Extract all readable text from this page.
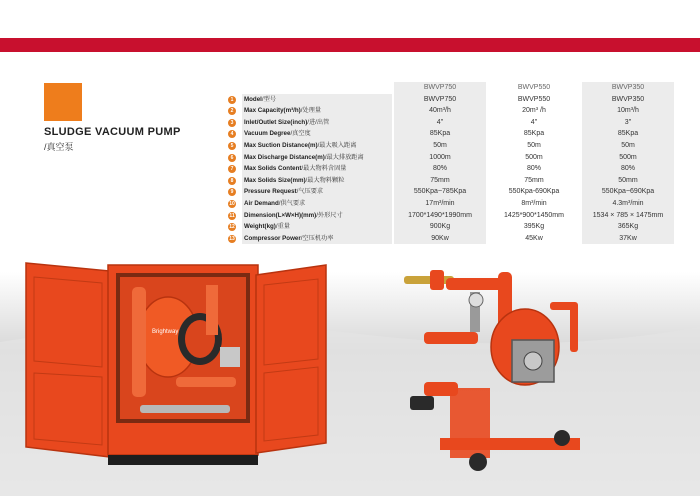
SLUDGE VACUUM PUMP
/真空泵
BWVP750	BWVP550	BWVP350
1	Model/型号	BWVP750	BWVP550	BWVP350
2	Max Capacity(m³/h)/处理量	40m³/h	20m³ /h	10m³/h
3	Inlet/Outlet Size(inch)/进/出管	4"	4"	3"
4	Vacuum Degree/真空度	85Kpa	85Kpa	85Kpa
5	Max Suction Distance(m)/最大吸入距离	50m	50m	50m
6	Max Discharge Distance(m)/最大排放距离	1000m	500m	500m
7	Max Solids Content/最大物料含固量	80%	80%	80%
8	Max Solids Size(mm)/最大物料颗粒	75mm	75mm	50mm
9	Pressure Request/气压要求	550Kpa~785Kpa	550Kpa-690Kpa	550Kpa~690Kpa
10	Air Demand/供气要求	17m³/min	8m³/min	4.3m³/min
11	Dimension(L×W×H)(mm)/外形尺寸	1700*1490*1990mm	1425*900*1450mm	1534 × 785 × 1475mm
12	Weight(kg)/重量	900Kg	395Kg	365Kg
13	Compressor Power/空压机功率	90Kw	45Kw	37Kw
Brightway
